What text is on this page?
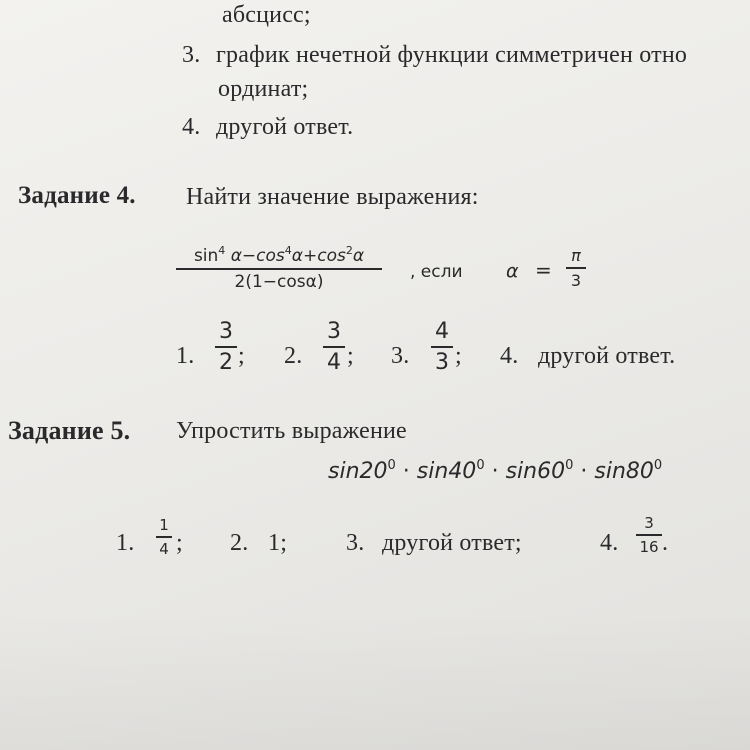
абсцисс;
3. график нечетной функции симметричен отно
ординат;
4. другой ответ.
Задание 4. Найти значение выражения:
$\sin^4 \alpha-\cos^4\alpha+\cos^2\alpha$
2(1−cosα)	, если α =
π
3
1.
3
2 ; 2.
3
4 ; 3.
4
3 ; 4. другой ответ.
Задание 5. Упростить выражение
$\sin 20^0 \cdot \sin 40^0 \cdot \sin 60^0 \cdot \sin 80^0$
1.
1
4 ; 2. 1; 3. другой ответ;	4.
3
16 .
